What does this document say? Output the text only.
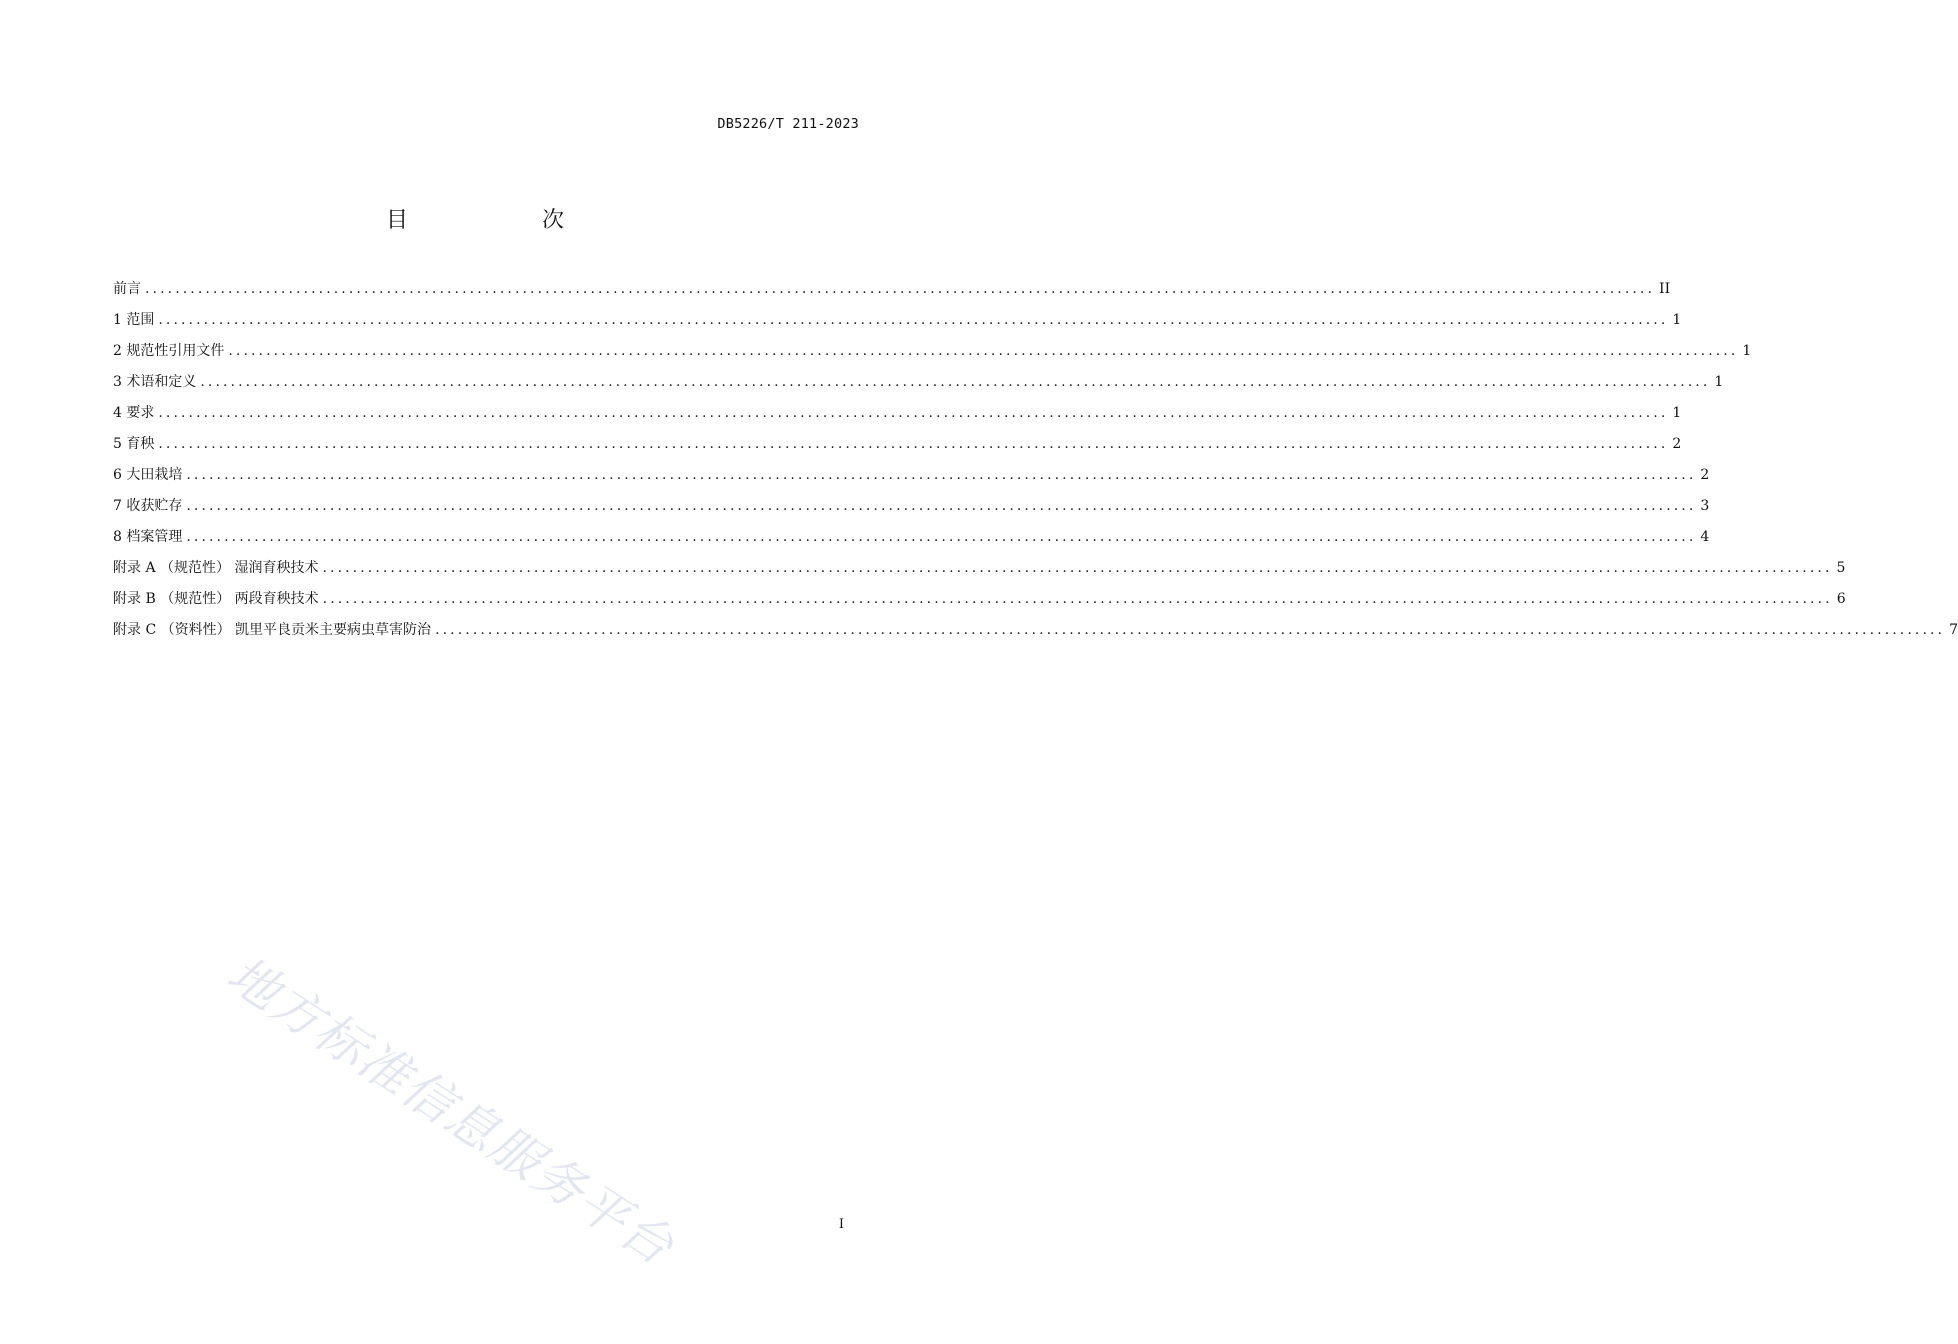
DB5226/T 211-2023
目　次
前言 ........................................................................................................................................................................................................ II
1 范围 ........................................................................................................................................................................................................ 1
2 规范性引用文件 ........................................................................................................................................................................................................ 1
3 术语和定义 ........................................................................................................................................................................................................ 1
4 要求 ........................................................................................................................................................................................................ 1
5 育秧 ........................................................................................................................................................................................................ 2
6 大田栽培 ........................................................................................................................................................................................................ 2
7 收获贮存 ........................................................................................................................................................................................................ 3
8 档案管理 ........................................................................................................................................................................................................ 4
附录 A （规范性） 湿润育秧技术 ........................................................................................................................................................................................................ 5
附录 B （规范性） 两段育秧技术 ........................................................................................................................................................................................................ 6
附录 C （资料性） 凯里平良贡米主要病虫草害防治 ........................................................................................................................................................................................................ 7
地方标准信息服务平台	I
